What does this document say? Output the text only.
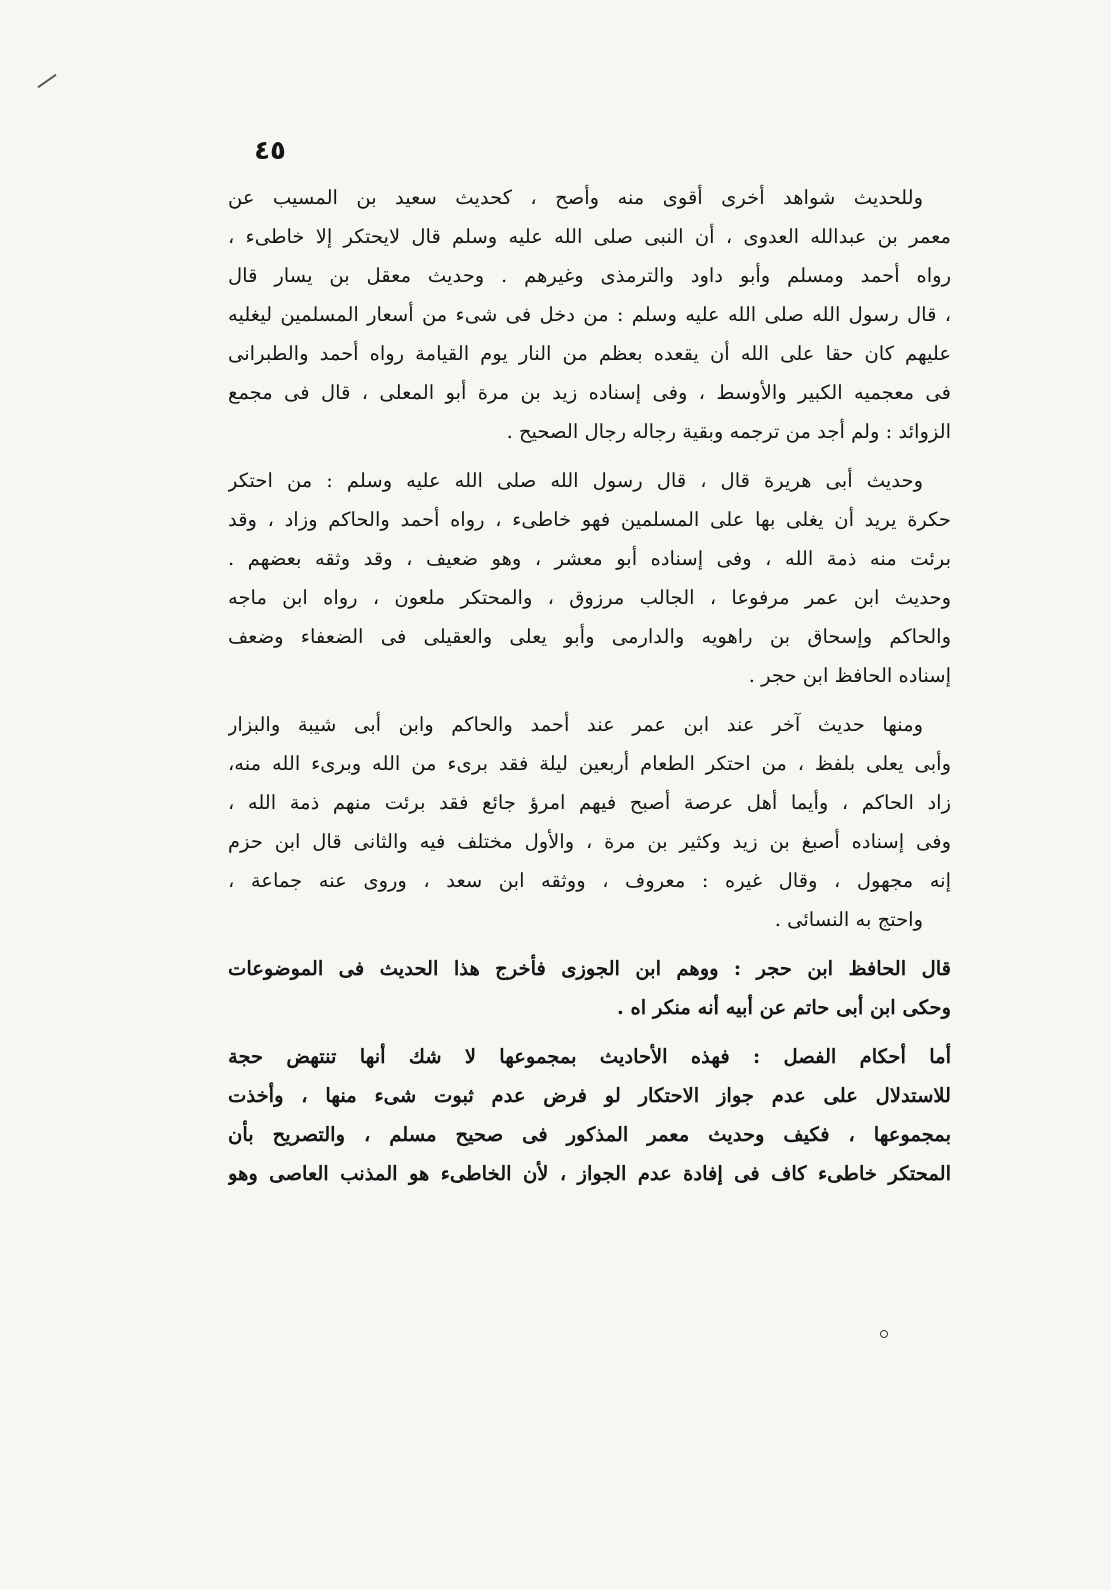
٤٥
وللحديث شواهد أخرى أقوى منه وأصح ، كحديث سعيد بن المسيب عن
معمر بن عبدالله العدوى ، أن النبى صلى الله عليه وسلم قال لايحتكر إلا خاطىء ،
رواه أحمد ومسلم وأبو داود والترمذى وغيرهم . وحديث معقل بن يسار قال
، قال رسول الله صلى الله عليه وسلم : من دخل فى شىء من أسعار المسلمين ليغليه
عليهم كان حقا على الله أن يقعده بعظم من النار يوم القيامة رواه أحمد والطبرانى
فى معجميه الكبير والأوسط ، وفى إسناده زيد بن مرة أبو المعلى ، قال فى مجمع
الزوائد : ولم أجد من ترجمه وبقية رجاله رجال الصحيح .
وحديث أبى هريرة قال ، قال رسول الله صلى الله عليه وسلم : من احتكر
حكرة يريد أن يغلى بها على المسلمين فهو خاطىء ، رواه أحمد والحاكم وزاد ، وقد
برئت منه ذمة الله ، وفى إسناده أبو معشر ، وهو ضعيف ، وقد وثقه بعضهم .
وحديث ابن عمر مرفوعا ، الجالب مرزوق ، والمحتكر ملعون ، رواه ابن ماجه
والحاكم وإسحاق بن راهويه والدارمى وأبو يعلى والعقيلى فى الضعفاء وضعف
إسناده الحافظ ابن حجر .
ومنها حديث آخر عند ابن عمر عند أحمد والحاكم وابن أبى شيبة والبزار
وأبى يعلى بلفظ ، من احتكر الطعام أربعين ليلة فقد برىء من الله وبرىء الله منه،
زاد الحاكم ، وأيما أهل عرصة أصبح فيهم امرؤ جائع فقد برئت منهم ذمة الله ،
وفى إسناده أصبغ بن زيد وكثير بن مرة ، والأول مختلف فيه والثانى قال ابن حزم
إنه مجهول ، وقال غيره : معروف ، ووثقه ابن سعد ، وروى عنه جماعة ،
واحتج به النسائى .
قال الحافظ ابن حجر : ووهم ابن الجوزى فأخرج هذا الحديث فى الموضوعات
وحكى ابن أبى حاتم عن أبيه أنه منكر اه .
أما أحكام الفصل : فهذه الأحاديث بمجموعها لا شك أنها تنتهض حجة
للاستدلال على عدم جواز الاحتكار لو فرض عدم ثبوت شىء منها ، وأخذت
بمجموعها ، فكيف وحديث معمر المذكور فى صحيح مسلم ، والتصريح بأن
المحتكر خاطىء كاف فى إفادة عدم الجواز ، لأن الخاطىء هو المذنب العاصى وهو
